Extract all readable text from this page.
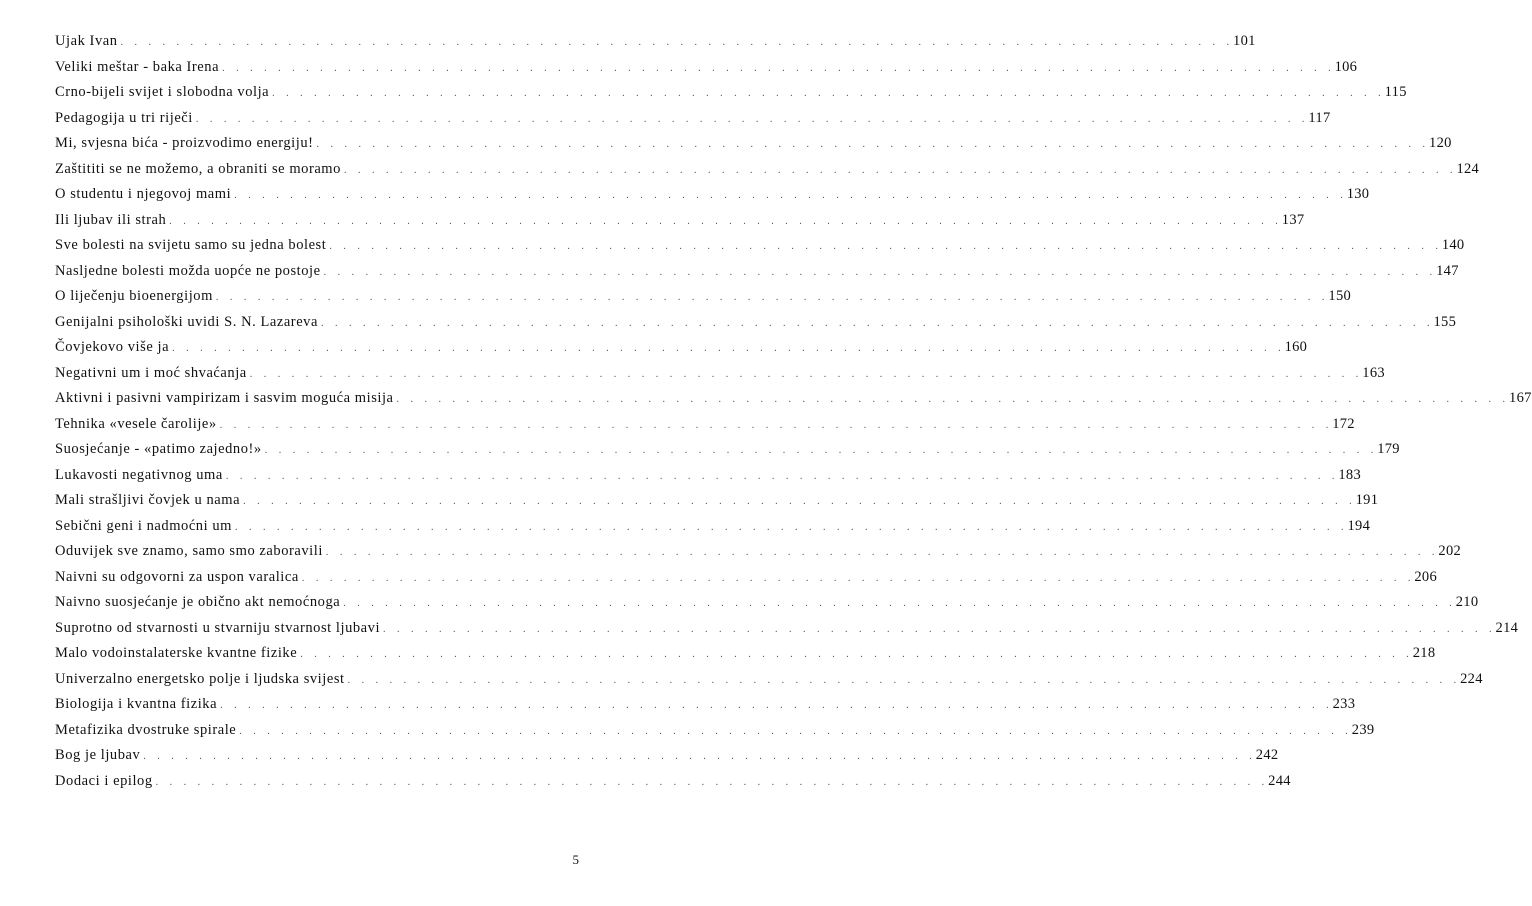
Ujak Ivan . . . . . . . . . . . . . . . . . . . . . . . . . . . . . . . . . . . . . . . . . . . . . . . . . . . . . . . . . . . . . . . . . . . . . . . . . . . . . . . . 101
Veliki meštar - baka Irena . . . . . . . . . . . . . . . . . . . . . . . . . . . . . . . . . . . . . . . . . . . . . . . . . . . . . . . . . . . . . . . . . . . . . . . . . . . . . . . . 106
Crno-bijeli svijet i slobodna volja . . . . . . . . . . . . . . . . . . . . . . . . . . . . . . . . . . . . . . . . . . . . . . . . . . . . . . . . . . . . . . . . . . . . . . . . . . . . . . . . 115
Pedagogija u tri riječi . . . . . . . . . . . . . . . . . . . . . . . . . . . . . . . . . . . . . . . . . . . . . . . . . . . . . . . . . . . . . . . . . . . . . . . . . . . . . . . . 117
Mi, svjesna bića - proizvodimo energiju! . . . . . . . . . . . . . . . . . . . . . . . . . . . . . . . . . . . . . . . . . . . . . . . . . . . . . . . . . . . . . . . . . . . . . . . . . . . . . . . . 120
Zaštititi se ne možemo, a obraniti se moramo . . . . . . . . . . . . . . . . . . . . . . . . . . . . . . . . . . . . . . . . . . . . . . . . . . . . . . . . . . . . . . . . . . . . . . . . . . . . . . . . 124
O studentu i njegovoj mami . . . . . . . . . . . . . . . . . . . . . . . . . . . . . . . . . . . . . . . . . . . . . . . . . . . . . . . . . . . . . . . . . . . . . . . . . . . . . . . . 130
Ili ljubav ili strah . . . . . . . . . . . . . . . . . . . . . . . . . . . . . . . . . . . . . . . . . . . . . . . . . . . . . . . . . . . . . . . . . . . . . . . . . . . . . . . . 137
Sve bolesti na svijetu samo su jedna bolest . . . . . . . . . . . . . . . . . . . . . . . . . . . . . . . . . . . . . . . . . . . . . . . . . . . . . . . . . . . . . . . . . . . . . . . . . . . . . . . . 140
Nasljedne bolesti možda uopće ne postoje . . . . . . . . . . . . . . . . . . . . . . . . . . . . . . . . . . . . . . . . . . . . . . . . . . . . . . . . . . . . . . . . . . . . . . . . . . . . . . . . 147
O liječenju bioenergijom . . . . . . . . . . . . . . . . . . . . . . . . . . . . . . . . . . . . . . . . . . . . . . . . . . . . . . . . . . . . . . . . . . . . . . . . . . . . . . . . 150
Genijalni psihološki uvidi S. N. Lazareva . . . . . . . . . . . . . . . . . . . . . . . . . . . . . . . . . . . . . . . . . . . . . . . . . . . . . . . . . . . . . . . . . . . . . . . . . . . . . . . . 155
Čovjekovo više ja . . . . . . . . . . . . . . . . . . . . . . . . . . . . . . . . . . . . . . . . . . . . . . . . . . . . . . . . . . . . . . . . . . . . . . . . . . . . . . . . 160
Negativni um i moć shvaćanja . . . . . . . . . . . . . . . . . . . . . . . . . . . . . . . . . . . . . . . . . . . . . . . . . . . . . . . . . . . . . . . . . . . . . . . . . . . . . . . . 163
Aktivni i pasivni vampirizam i sasvim moguća misija . . . . . . . . . . . . . . . . . . . . . . . . . . . . . . . . . . . . . . . . . . . . . . . . . . . . . . . . . . . . . . . . . . . . . . . . . . . . . . . . 167
Tehnika «vesele čarolije» . . . . . . . . . . . . . . . . . . . . . . . . . . . . . . . . . . . . . . . . . . . . . . . . . . . . . . . . . . . . . . . . . . . . . . . . . . . . . . . . 172
Suosjećanje - «patimo zajedno!» . . . . . . . . . . . . . . . . . . . . . . . . . . . . . . . . . . . . . . . . . . . . . . . . . . . . . . . . . . . . . . . . . . . . . . . . . . . . . . . . 179
Lukavosti negativnog uma . . . . . . . . . . . . . . . . . . . . . . . . . . . . . . . . . . . . . . . . . . . . . . . . . . . . . . . . . . . . . . . . . . . . . . . . . . . . . . . . 183
Mali strašljivi čovjek u nama . . . . . . . . . . . . . . . . . . . . . . . . . . . . . . . . . . . . . . . . . . . . . . . . . . . . . . . . . . . . . . . . . . . . . . . . . . . . . . . . 191
Sebični geni i nadmoćni um . . . . . . . . . . . . . . . . . . . . . . . . . . . . . . . . . . . . . . . . . . . . . . . . . . . . . . . . . . . . . . . . . . . . . . . . . . . . . . . . 194
Oduvijek sve znamo, samo smo zaboravili . . . . . . . . . . . . . . . . . . . . . . . . . . . . . . . . . . . . . . . . . . . . . . . . . . . . . . . . . . . . . . . . . . . . . . . . . . . . . . . . 202
Naivni su odgovorni za uspon varalica . . . . . . . . . . . . . . . . . . . . . . . . . . . . . . . . . . . . . . . . . . . . . . . . . . . . . . . . . . . . . . . . . . . . . . . . . . . . . . . . 206
Naivno suosjećanje je obično akt nemoćnoga . . . . . . . . . . . . . . . . . . . . . . . . . . . . . . . . . . . . . . . . . . . . . . . . . . . . . . . . . . . . . . . . . . . . . . . . . . . . . . . . 210
Suprotno od stvarnosti u stvarniju stvarnost ljubavi . . . . . . . . . . . . . . . . . . . . . . . . . . . . . . . . . . . . . . . . . . . . . . . . . . . . . . . . . . . . . . . . . . . . . . . . . . . . . . . . 214
Malo vodoinstalaterske kvantne fizike . . . . . . . . . . . . . . . . . . . . . . . . . . . . . . . . . . . . . . . . . . . . . . . . . . . . . . . . . . . . . . . . . . . . . . . . . . . . . . . . 218
Univerzalno energetsko polje i ljudska svijest . . . . . . . . . . . . . . . . . . . . . . . . . . . . . . . . . . . . . . . . . . . . . . . . . . . . . . . . . . . . . . . . . . . . . . . . . . . . . . . . 224
Biologija i kvantna fizika . . . . . . . . . . . . . . . . . . . . . . . . . . . . . . . . . . . . . . . . . . . . . . . . . . . . . . . . . . . . . . . . . . . . . . . . . . . . . . . . 233
Metafizika dvostruke spirale . . . . . . . . . . . . . . . . . . . . . . . . . . . . . . . . . . . . . . . . . . . . . . . . . . . . . . . . . . . . . . . . . . . . . . . . . . . . . . . . 239
Bog je ljubav . . . . . . . . . . . . . . . . . . . . . . . . . . . . . . . . . . . . . . . . . . . . . . . . . . . . . . . . . . . . . . . . . . . . . . . . . . . . . . . . 242
Dodaci i epilog . . . . . . . . . . . . . . . . . . . . . . . . . . . . . . . . . . . . . . . . . . . . . . . . . . . . . . . . . . . . . . . . . . . . . . . . . . . . . . . . 244
5
